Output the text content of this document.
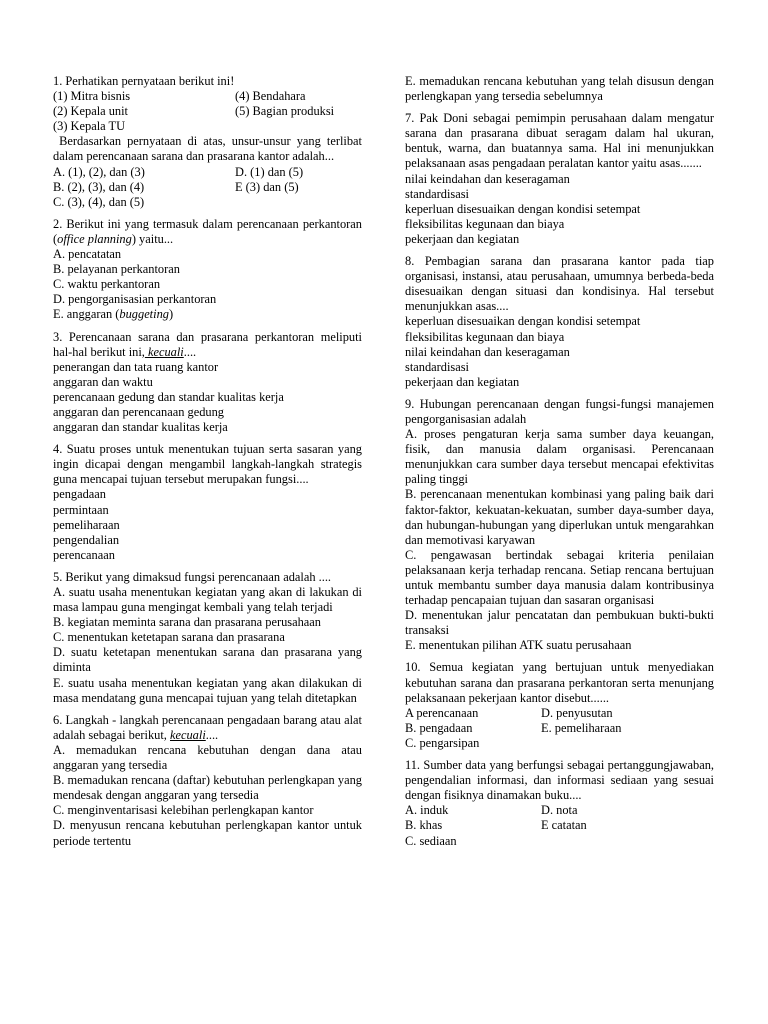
1. Perhatikan pernyataan berikut ini!
(1) Mitra bisnis	(4) Bendahara
(2) Kepala unit	(5) Bagian produksi
(3) Kepala TU
Berdasarkan pernyataan di atas, unsur-unsur yang terlibat dalam perencanaan sarana dan prasarana kantor adalah...
A. (1), (2), dan (3)	D. (1) dan (5)
B. (2), (3), dan (4)	E (3) dan (5)
C. (3), (4), dan (5)
2. Berikut ini yang termasuk dalam perencanaan perkantoran (office planning) yaitu...
A. pencatatan
B. pelayanan perkantoran
C. waktu perkantoran
D. pengorganisasian perkantoran
E. anggaran (buggeting)
3. Perencanaan sarana dan prasarana perkantoran meliputi hal-hal berikut ini, kecuali....
penerangan dan tata ruang kantor
anggaran dan waktu
perencanaan gedung dan standar kualitas kerja
anggaran dan perencanaan gedung
anggaran dan standar kualitas kerja
4. Suatu proses untuk menentukan tujuan serta sasaran yang ingin dicapai dengan mengambil langkah-langkah strategis guna mencapai tujuan tersebut merupakan fungsi....
pengadaan
permintaan
pemeliharaan
pengendalian
perencanaan
5. Berikut yang dimaksud fungsi perencanaan adalah ....
A. suatu usaha menentukan kegiatan yang akan di lakukan di masa lampau guna mengingat kembali yang telah terjadi
B. kegiatan meminta sarana dan prasarana perusahaan
C. menentukan ketetapan sarana dan prasarana
D. suatu ketetapan menentukan sarana dan prasarana yang diminta
E. suatu usaha menentukan kegiatan yang akan dilakukan di masa mendatang guna mencapai tujuan yang telah ditetapkan
6. Langkah - langkah perencanaan pengadaan barang atau alat adalah sebagai berikut, kecuali....
A. memadukan rencana kebutuhan dengan dana atau anggaran yang tersedia
B. memadukan rencana (daftar) kebutuhan perlengkapan yang mendesak dengan anggaran yang tersedia
C. menginventarisasi kelebihan perlengkapan kantor
D. menyusun rencana kebutuhan perlengkapan kantor untuk periode tertentu
E. memadukan rencana kebutuhan yang telah disusun dengan perlengkapan yang tersedia sebelumnya
7. Pak Doni sebagai pemimpin perusahaan dalam mengatur sarana dan prasarana dibuat seragam dalam hal ukuran, bentuk, warna, dan buatannya sama. Hal ini menunjukkan pelaksanaan asas pengadaan peralatan kantor yaitu asas.......
nilai keindahan dan keseragaman
standardisasi
keperluan disesuaikan dengan kondisi setempat
fleksibilitas kegunaan dan biaya
pekerjaan dan kegiatan
8. Pembagian sarana dan prasarana kantor pada tiap organisasi, instansi, atau perusahaan, umumnya berbeda-beda disesuaikan dengan situasi dan kondisinya. Hal tersebut menunjukkan asas....
keperluan disesuaikan dengan kondisi setempat
fleksibilitas kegunaan dan biaya
nilai keindahan dan keseragaman
standardisasi
pekerjaan dan kegiatan
9. Hubungan perencanaan dengan fungsi-fungsi manajemen pengorganisasian adalah
A. proses pengaturan kerja sama sumber daya keuangan, fisik, dan manusia dalam organisasi. Perencanaan menunjukkan cara sumber daya tersebut mencapai efektivitas paling tinggi
B. perencanaan menentukan kombinasi yang paling baik dari faktor-faktor, kekuatan-kekuatan, sumber daya-sumber daya, dan hubungan-hubungan yang diperlukan untuk mengarahkan dan memotivasi karyawan
C. pengawasan bertindak sebagai kriteria penilaian pelaksanaan kerja terhadap rencana. Setiap rencana bertujuan untuk membantu sumber daya manusia dalam kontribusinya terhadap pencapaian tujuan dan sasaran organisasi
D. menentukan jalur pencatatan dan pembukuan bukti-bukti transaksi
E. menentukan pilihan ATK suatu perusahaan
10. Semua kegiatan yang bertujuan untuk menyediakan kebutuhan sarana dan prasarana perkantoran serta menunjang pelaksanaan pekerjaan kantor disebut......
A perencanaan	D. penyusutan
B. pengadaan	E. pemeliharaan
C. pengarsipan
11. Sumber data yang berfungsi sebagai pertanggungjawaban, pengendalian informasi, dan informasi sediaan yang sesuai dengan fisiknya dinamakan buku....
A. induk	D. nota
B. khas	E catatan
C. sediaan
